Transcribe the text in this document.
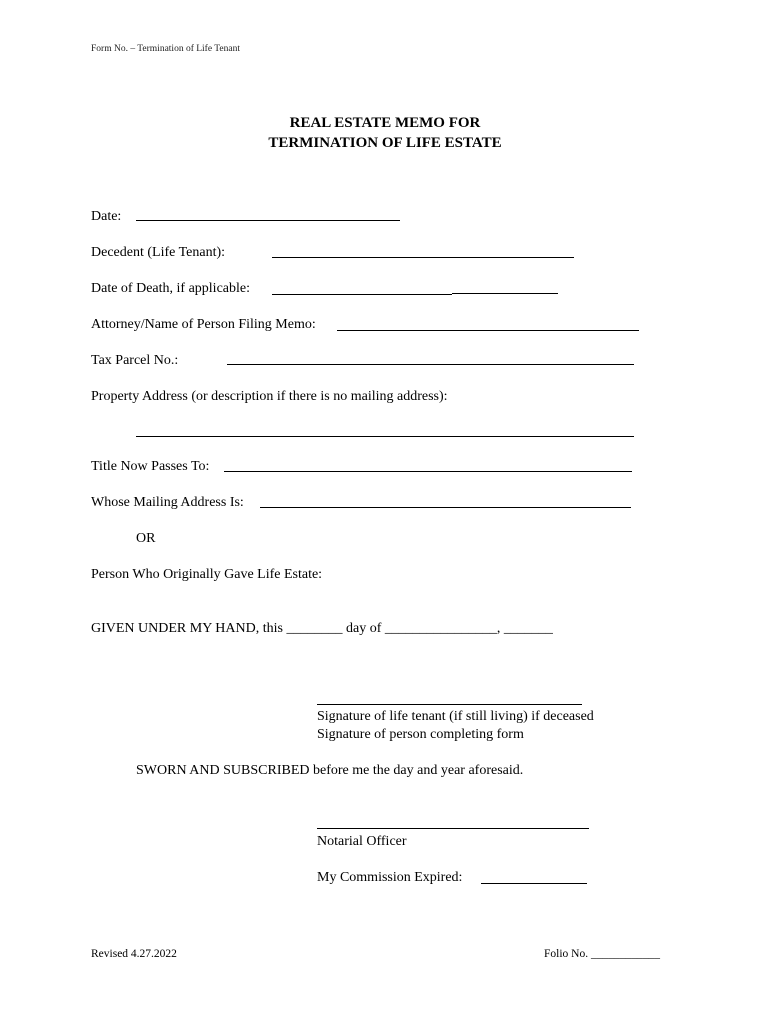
Form No. – Termination of Life Tenant
REAL ESTATE MEMO FOR
TERMINATION OF LIFE ESTATE
Date:
Decedent (Life Tenant):
Date of Death, if applicable:
Attorney/Name of Person Filing Memo:
Tax Parcel No.:
Property Address (or description if there is no mailing address):
Title Now Passes To:
Whose Mailing Address Is:
OR
Person Who Originally Gave Life Estate:
GIVEN UNDER MY HAND, this ________ day of ________________, _______
Signature of life tenant (if still living) if deceased
Signature of person completing form
SWORN AND SUBSCRIBED before me the day and year aforesaid.
Notarial Officer
My Commission Expired:
Revised 4.27.2022	Folio No. ____________
